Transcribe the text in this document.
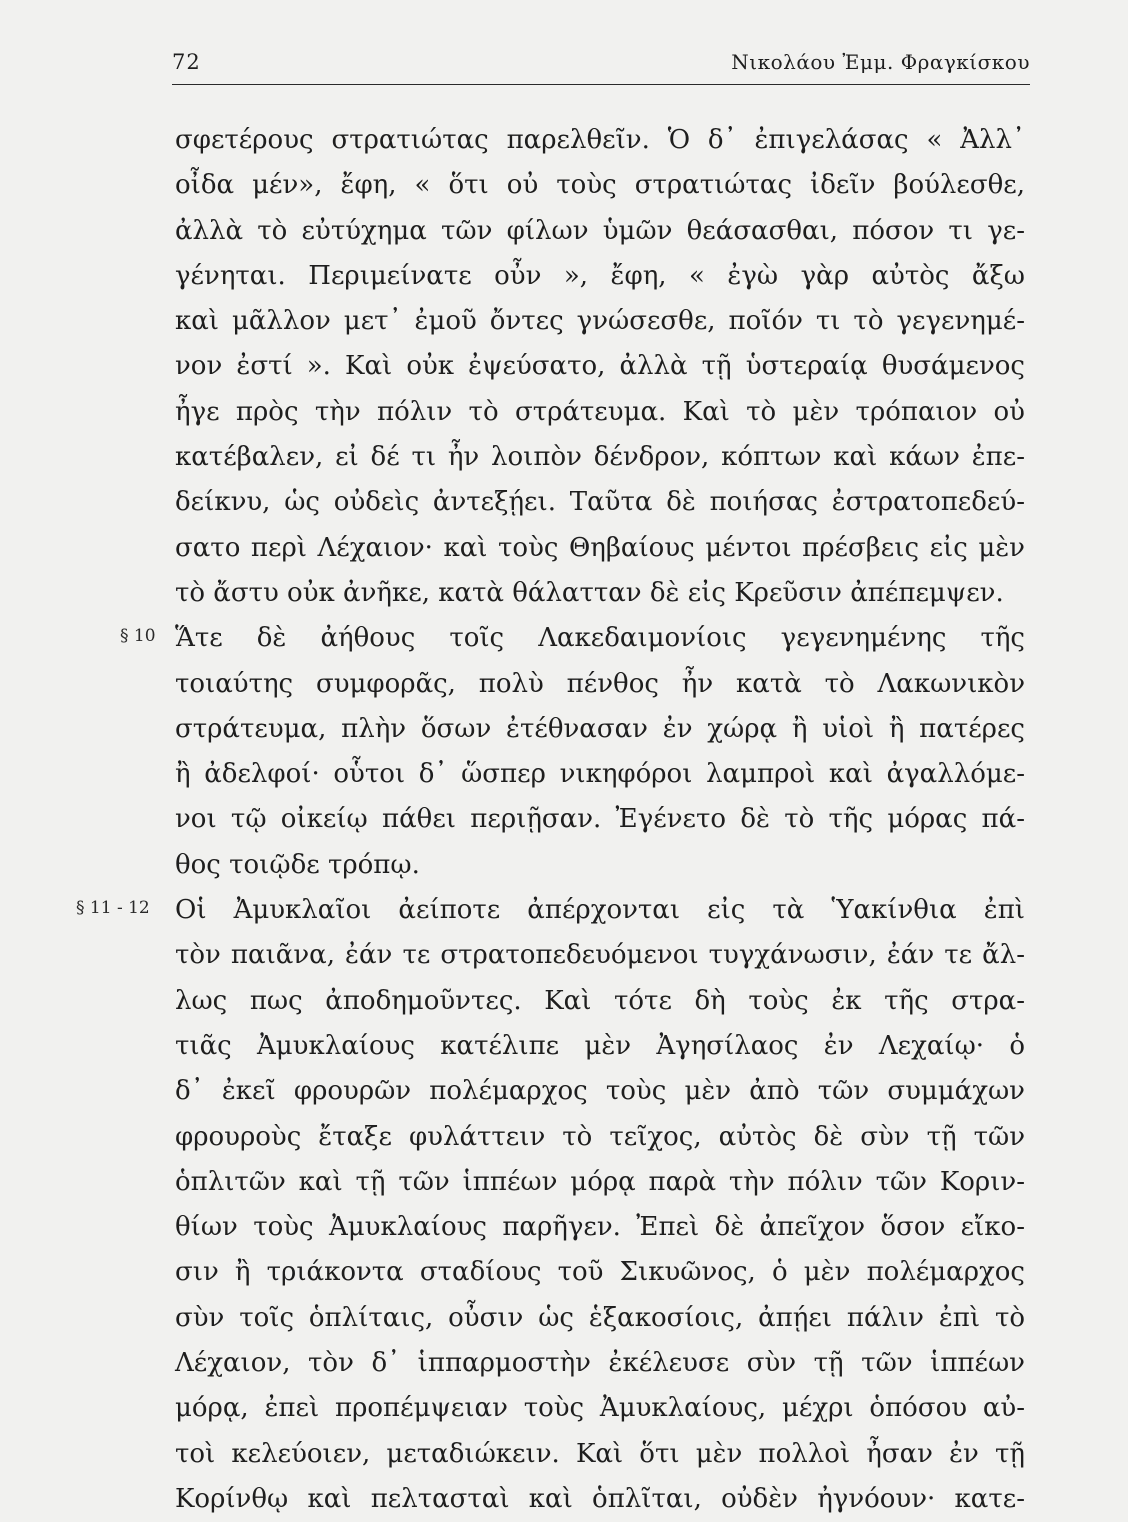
72	Νικολάου Ἐμμ. Φραγκίσκου
σφετέρους στρατιώτας παρελθεῖν. Ὁ δ᾽ ἐπιγελάσας « Ἀλλ᾽
οἶδα μέν», ἔφη, « ὅτι οὐ τοὺς στρατιώτας ἰδεῖν βούλεσθε,
ἀλλὰ τὸ εὐτύχημα τῶν φίλων ὑμῶν θεάσασθαι, πόσον τι γε-
γένηται. Περιμείνατε οὖν », ἔφη, « ἐγὼ γὰρ αὐτὸς ἄξω
καὶ μᾶλλον μετ᾽ ἐμοῦ ὄντες γνώσεσθε, ποῖόν τι τὸ γεγενημέ-
νον ἐστί ». Καὶ οὐκ ἐψεύσατο, ἀλλὰ τῇ ὑστεραίᾳ θυσάμενος
ἦγε πρὸς τὴν πόλιν τὸ στράτευμα. Καὶ τὸ μὲν τρόπαιον οὐ
κατέβαλεν, εἰ δέ τι ἦν λοιπὸν δένδρον, κόπτων καὶ κάων ἐπε-
δείκνυ, ὡς οὐδεὶς ἀντεξῄει. Ταῦτα δὲ ποιήσας ἐστρατοπεδεύ-
σατο περὶ Λέχαιον· καὶ τοὺς Θηβαίους μέντοι πρέσβεις εἰς μὲν
τὸ ἄστυ οὐκ ἀνῆκε, κατὰ θάλατταν δὲ εἰς Κρεῦσιν ἀπέπεμψεν.
Ἅτε δὲ ἀήθους τοῖς Λακεδαιμονίοις γεγενημένης τῆς
τοιαύτης συμφορᾶς, πολὺ πένθος ἦν κατὰ τὸ Λακωνικὸν
στράτευμα, πλὴν ὅσων ἐτέθνασαν ἐν χώρᾳ ἢ υἱοὶ ἢ πατέρες
ἢ ἀδελφοί· οὗτοι δ᾽ ὥσπερ νικηφόροι λαμπροὶ καὶ ἀγαλλόμε-
νοι τῷ οἰκείῳ πάθει περιῇσαν. Ἐγένετο δὲ τὸ τῆς μόρας πά-
θος τοιῷδε τρόπῳ.
Οἱ Ἀμυκλαῖοι ἀείποτε ἀπέρχονται εἰς τὰ Ὑακίνθια ἐπὶ
τὸν παιᾶνα, ἐάν τε στρατοπεδευόμενοι τυγχάνωσιν, ἐάν τε ἄλ-
λως πως ἀποδημοῦντες. Καὶ τότε δὴ τοὺς ἐκ τῆς στρα-
τιᾶς Ἀμυκλαίους κατέλιπε μὲν Ἀγησίλαος ἐν Λεχαίῳ· ὁ
δ᾽ ἐκεῖ φρουρῶν πολέμαρχος τοὺς μὲν ἀπὸ τῶν συμμάχων
φρουροὺς ἔταξε φυλάττειν τὸ τεῖχος, αὐτὸς δὲ σὺν τῇ τῶν
ὁπλιτῶν καὶ τῇ τῶν ἱππέων μόρᾳ παρὰ τὴν πόλιν τῶν Κοριν-
θίων τοὺς Ἀμυκλαίους παρῆγεν. Ἐπεὶ δὲ ἀπεῖχον ὅσον εἴκο-
σιν ἢ τριάκοντα σταδίους τοῦ Σικυῶνος, ὁ μὲν πολέμαρχος
σὺν τοῖς ὁπλίταις, οὖσιν ὡς ἑξακοσίοις, ἀπῄει πάλιν ἐπὶ τὸ
Λέχαιον, τὸν δ᾽ ἱππαρμοστὴν ἐκέλευσε σὺν τῇ τῶν ἱππέων
μόρᾳ, ἐπεὶ προπέμψειαν τοὺς Ἀμυκλαίους, μέχρι ὁπόσου αὐ-
τοὶ κελεύοιεν, μεταδιώκειν. Καὶ ὅτι μὲν πολλοὶ ἦσαν ἐν τῇ
Κορίνθῳ καὶ πελτασταὶ καὶ ὁπλῖται, οὐδὲν ἠγνόουν· κατε-
§ 10
§ 11 - 12
